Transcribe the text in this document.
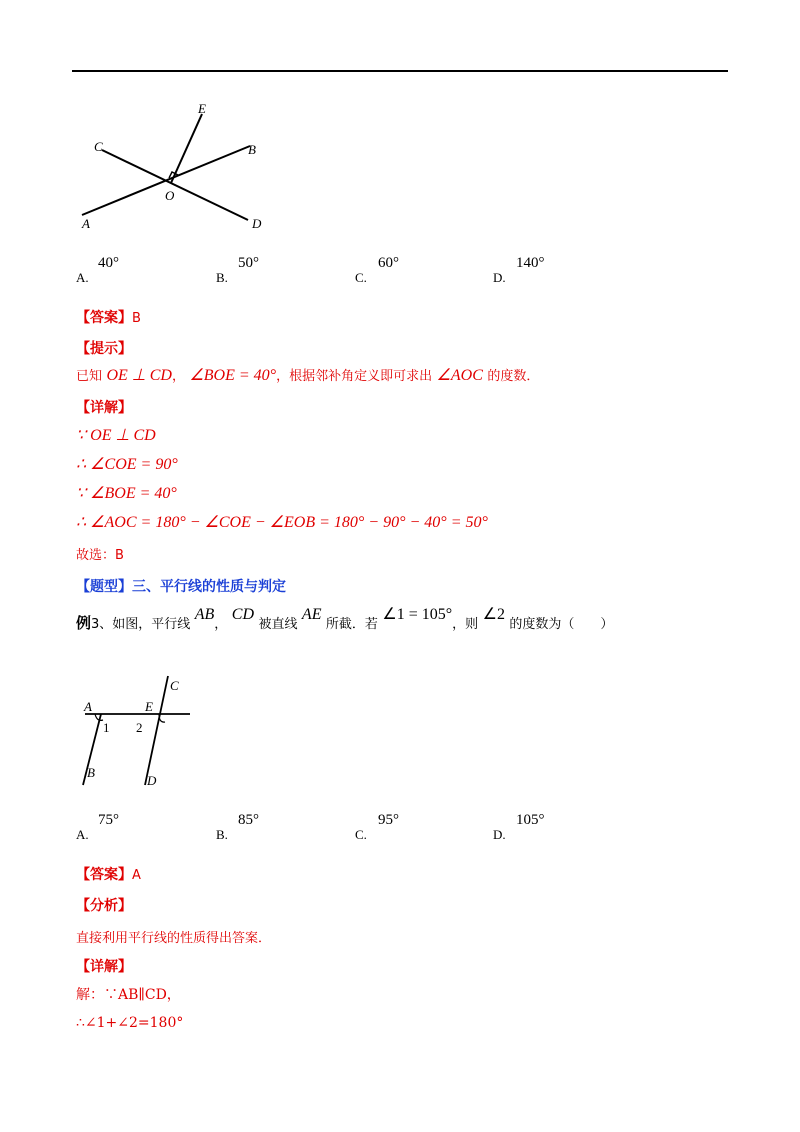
E
C	B
O
A	D
A.
40°
B.
50°
C.
60°
D.
140°
【答案】B
【提示】
已知 OE ⊥ CD， ∠BOE = 40°，根据邻补角定义即可求出 ∠AOC 的度数．
【详解】
∵ OE ⊥ CD
∴ ∠COE = 90°
∵ ∠BOE = 40°
∴ ∠AOC = 180° − ∠COE − ∠EOB = 180° − 90° − 40° = 50°
故选：B
【题型】三、平行线的性质与判定
例3、如图，平行线 AB， CD 被直线 AE 所截．若 ∠1 = 105°，则 ∠2 的度数为（　　）
A	E
C
1 2
B
D
A.
75°
B.
85°
C.
95°
D.
105°
【答案】A
【分析】
直接利用平行线的性质得出答案．
【详解】
解：∵AB∥CD，
∴∠1+∠2=180°
